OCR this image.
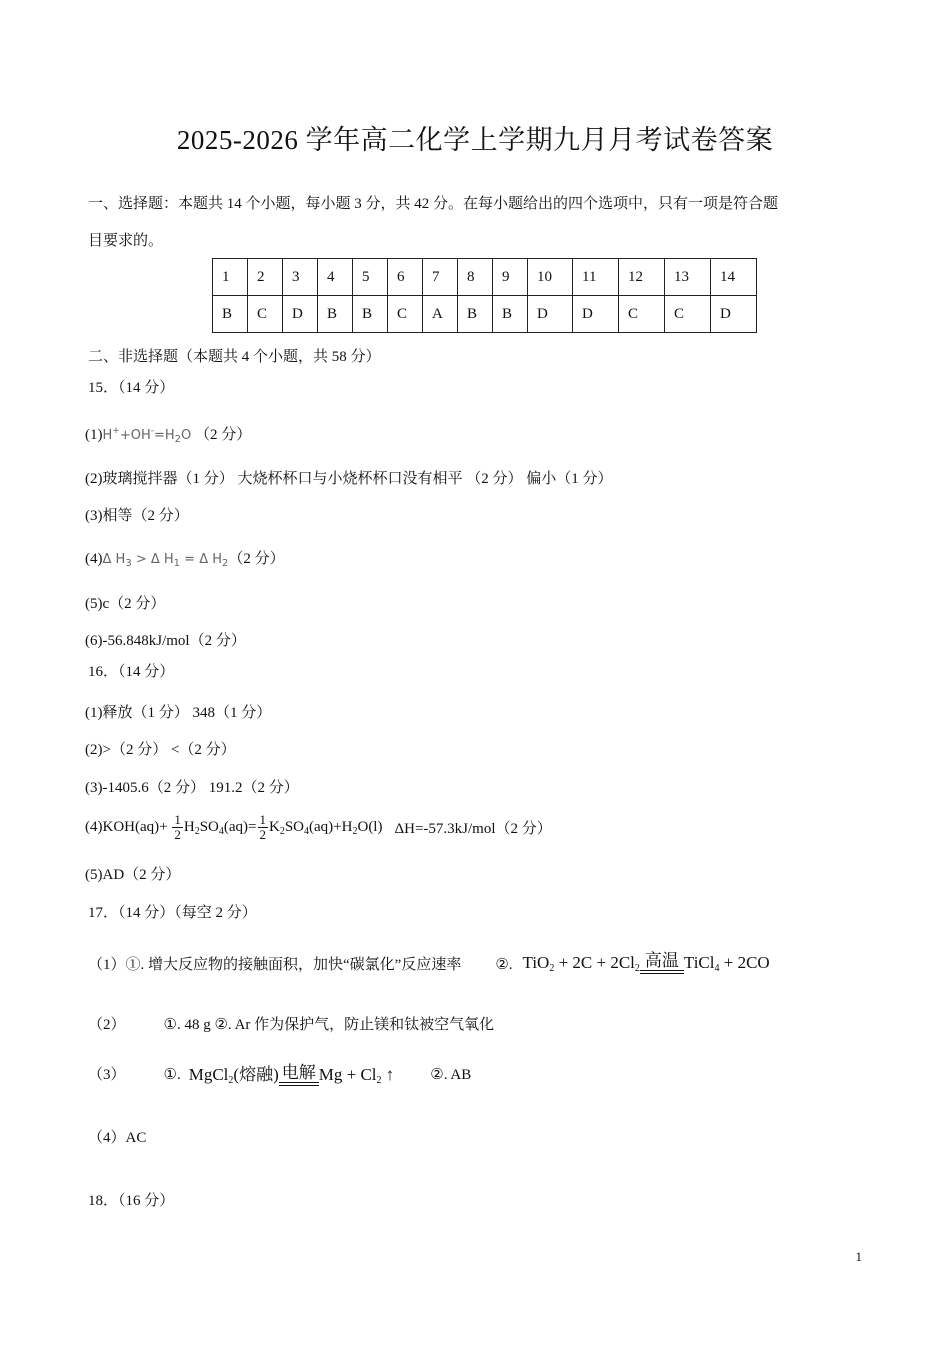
2025-2026 学年高二化学上学期九月月考试卷答案
一、选择题：本题共 14 个小题，每小题 3 分，共 42 分。在每小题给出的四个选项中，只有一项是符合题
目要求的。
1	2	3	4	5	6	7	8	9	10	11	12	13	14
B	C	D	B	B	C	A	B	B	D	D	C	C	D
二、非选择题（本题共 4 个小题，共 58 分）
15．（14 分）
$(1)H^++OH^-=H_2O$ （2 分）
(2)玻璃搅拌器（1 分） 大烧杯杯口与小烧杯杯口没有相平 （2 分） 偏小（1 分）
(3)相等（2 分）
(4)Δ $H_3 > \Delta$ $H_1 = \Delta$ $H_2(2$ 分）
(5)c（2 分）
(6)-56.848kJ/mol（2 分）
16．（14 分）
(1)释放（1 分） 348（1 分）
(2)>（2 分） <（2 分）
(3)-1405.6（2 分） 191.2（2 分）
(4) $KOH(aq)+ \frac{1}{2} H_2SO_4(aq)= \frac{1}{2} K_2SO_4(aq)+H_2O(l)$ ΔH=-57.3kJ/mol（2 分）
(5)AD（2 分）
17．（14 分）（每空 2 分）
（1）①. 增大反应物的接触面积，加快“碳氯化”反应速率 ②. $TiO_2 + 2C + 2Cl_2$ 高温 TiCl$_4$ + 2CO
（2）	①. 48 g ②. Ar 作为保护气，防止镁和钛被空气氧化
（3）	①. MgCl$_2$(熔融) 电解 $Mg + Cl_2$ ↑ ②. AB
（4）AC
18．（16 分）
1
